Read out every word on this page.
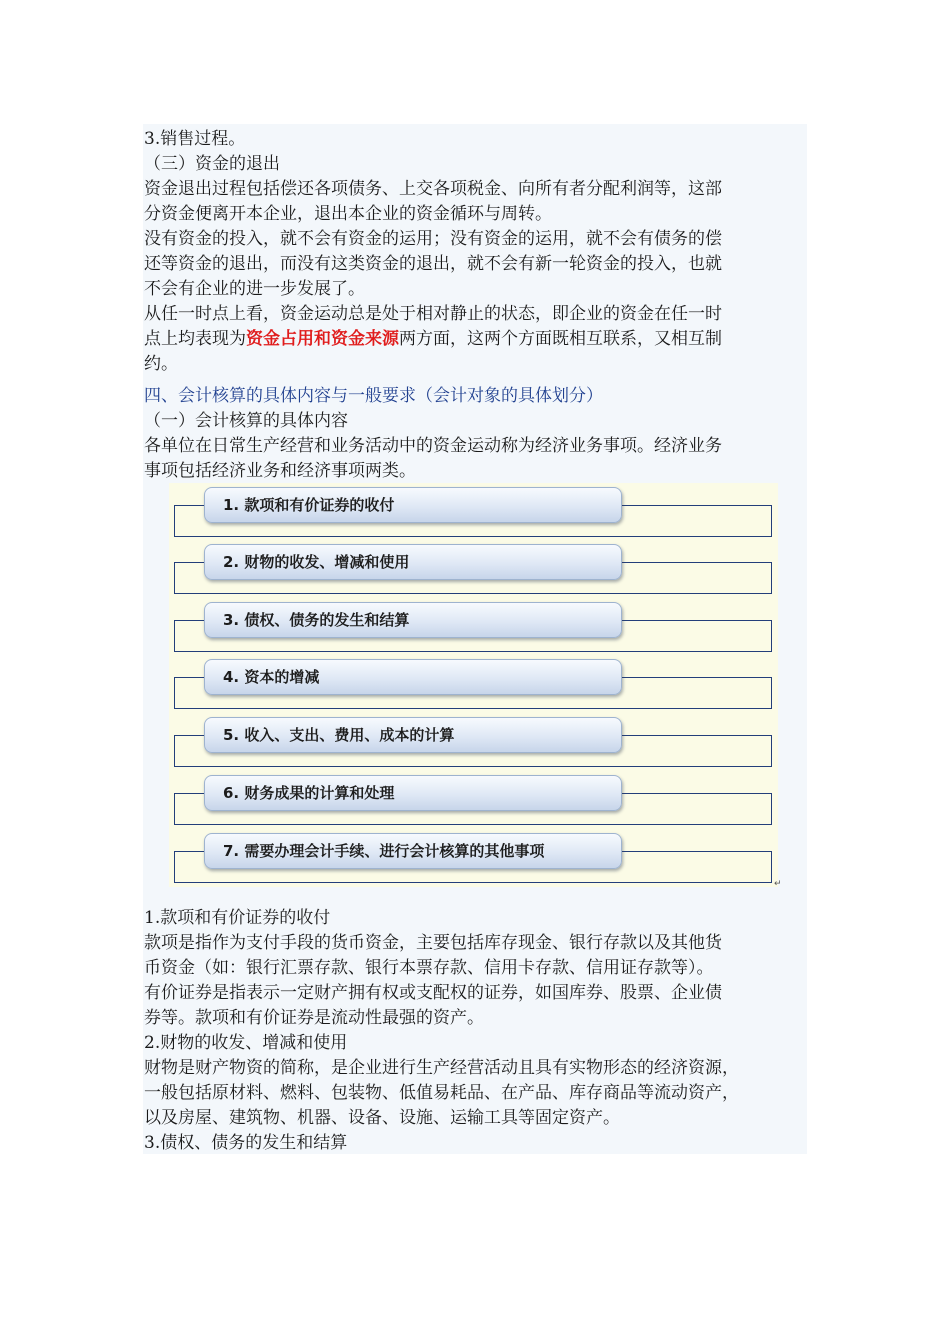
3.销售过程。

（三）资金的退出

资金退出过程包括偿还各项债务、上交各项税金、向所有者分配利润等，这部

分资金便离开本企业，退出本企业的资金循环与周转。

没有资金的投入，就不会有资金的运用；没有资金的运用，就不会有债务的偿

还等资金的退出，而没有这类资金的退出，就不会有新一轮资金的投入，也就

不会有企业的进一步发展了。

从任一时点上看，资金运动总是处于相对静止的状态，即企业的资金在任一时

点上均表现为资金占用和资金来源两方面，这两个方面既相互联系，又相互制

约。

四、会计核算的具体内容与一般要求（会计对象的具体划分）

（一）会计核算的具体内容

各单位在日常生产经营和业务活动中的资金运动称为经济业务事项。经济业务

事项包括经济业务和经济事项两类。

1. 款项和有价证券的收付
2. 财物的收发、增减和使用
3. 债权、债务的发生和结算
4. 资本的增减
5. 收入、支出、费用、成本的计算
6. 财务成果的计算和处理
7. 需要办理会计手续、进行会计核算的其他事项
↵

1.款项和有价证券的收付

款项是指作为支付手段的货币资金，主要包括库存现金、银行存款以及其他货

币资金（如：银行汇票存款、银行本票存款、信用卡存款、信用证存款等）。

有价证券是指表示一定财产拥有权或支配权的证券，如国库券、股票、企业债

券等。款项和有价证券是流动性最强的资产。

2.财物的收发、增减和使用

财物是财产物资的简称，是企业进行生产经营活动且具有实物形态的经济资源，

一般包括原材料、燃料、包装物、低值易耗品、在产品、库存商品等流动资产，

以及房屋、建筑物、机器、设备、设施、运输工具等固定资产。

3.债权、债务的发生和结算
